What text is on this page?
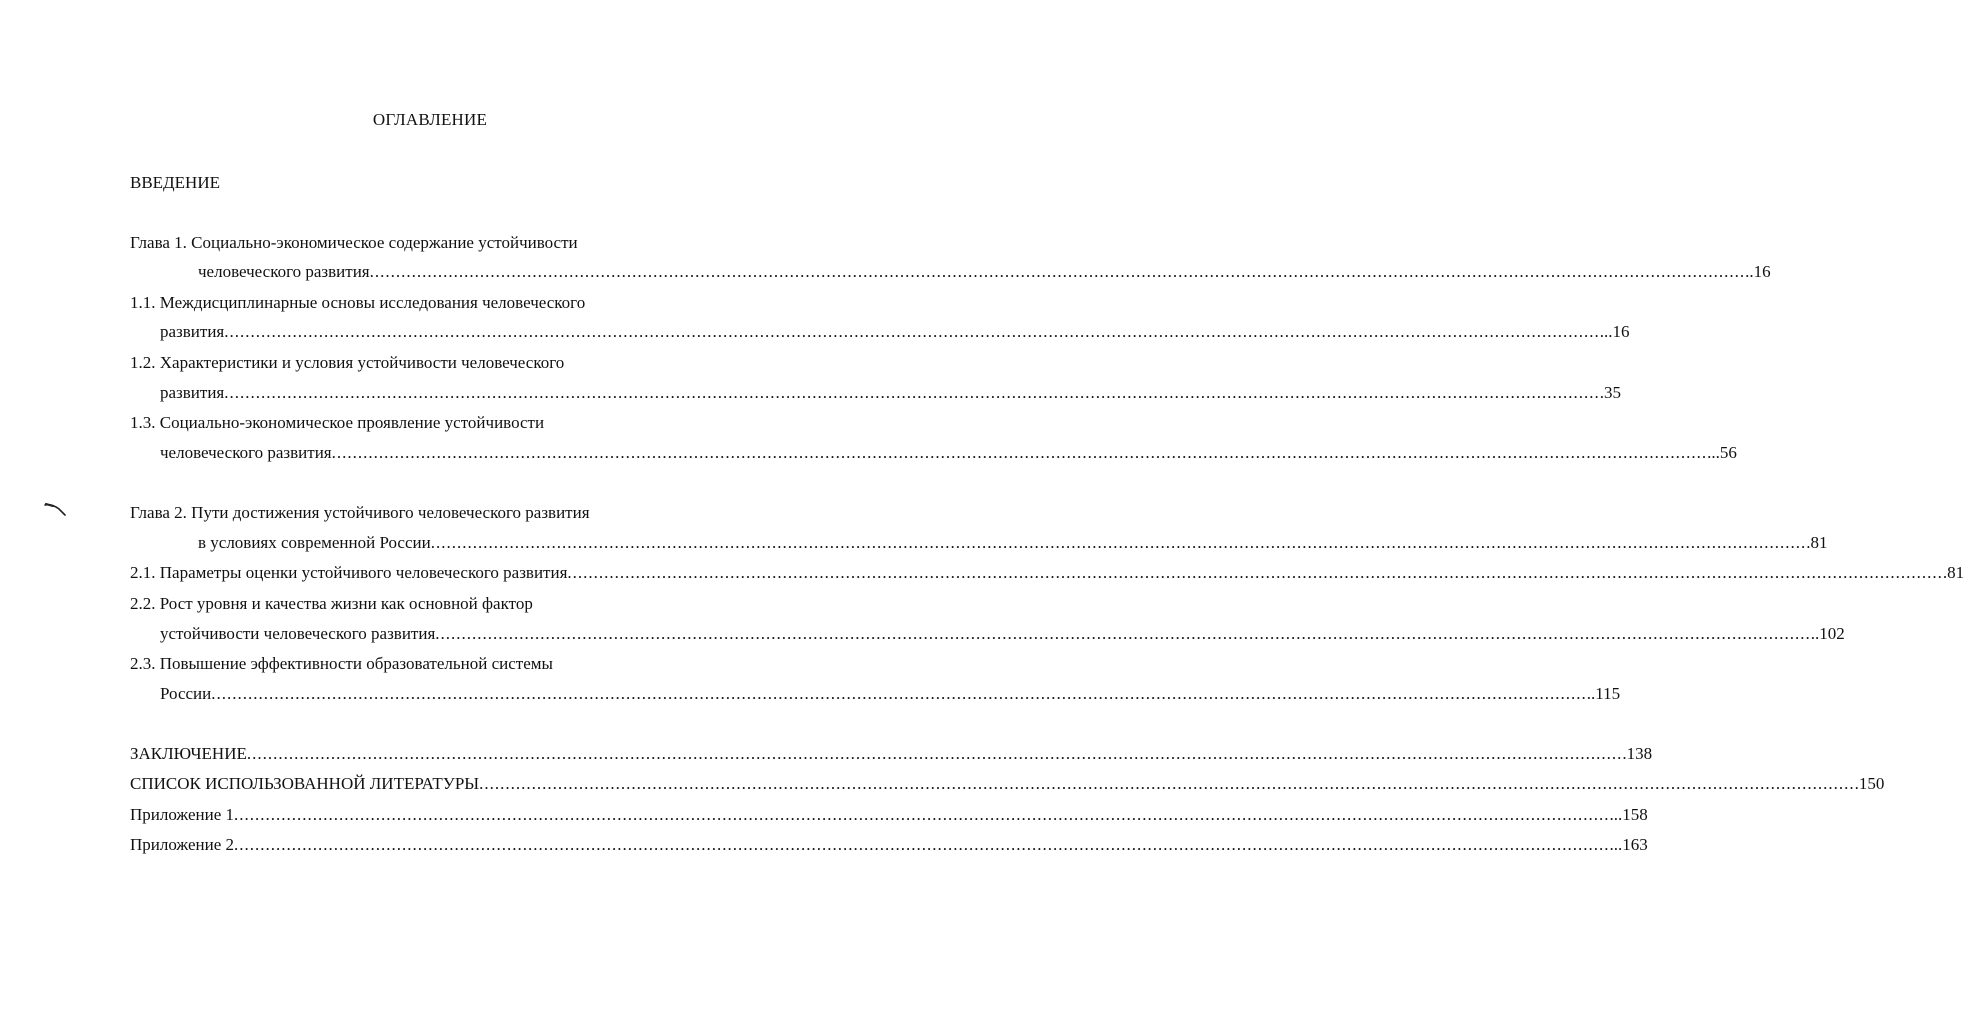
ОГЛАВЛЕНИЕ
ВВЕДЕНИЕ
Глава 1. Социально-экономическое содержание устойчивости
человеческого развития ...................................................................................................................................................................................................................................................................... ..16
1.1. Междисциплинарные основы исследования человеческого
развития ...................................................................................................................................................................................................................................................................... ...16
1.2. Характеристики и условия устойчивости человеческого
развития ...................................................................................................................................................................................................................................................................... .35
1.3. Социально-экономическое проявление устойчивости
человеческого развития ...................................................................................................................................................................................................................................................................... ...56
Глава 2. Пути достижения устойчивого человеческого развития
в условиях современной России ...................................................................................................................................................................................................................................................................... .81
2.1. Параметры оценки устойчивого человеческого развития ...................................................................................................................................................................................................................................................................... .81
2.2. Рост уровня и качества жизни как основной фактор
устойчивости человеческого развития ...................................................................................................................................................................................................................................................................... ..102
2.3. Повышение эффективности образовательной системы
России ...................................................................................................................................................................................................................................................................... ..115
ЗАКЛЮЧЕНИЕ ...................................................................................................................................................................................................................................................................... .138
СПИСОК ИСПОЛЬЗОВАННОЙ ЛИТЕРАТУРЫ ...................................................................................................................................................................................................................................................................... .150
Приложение 1 ...................................................................................................................................................................................................................................................................... ...158
Приложение 2 ...................................................................................................................................................................................................................................................................... ...163
